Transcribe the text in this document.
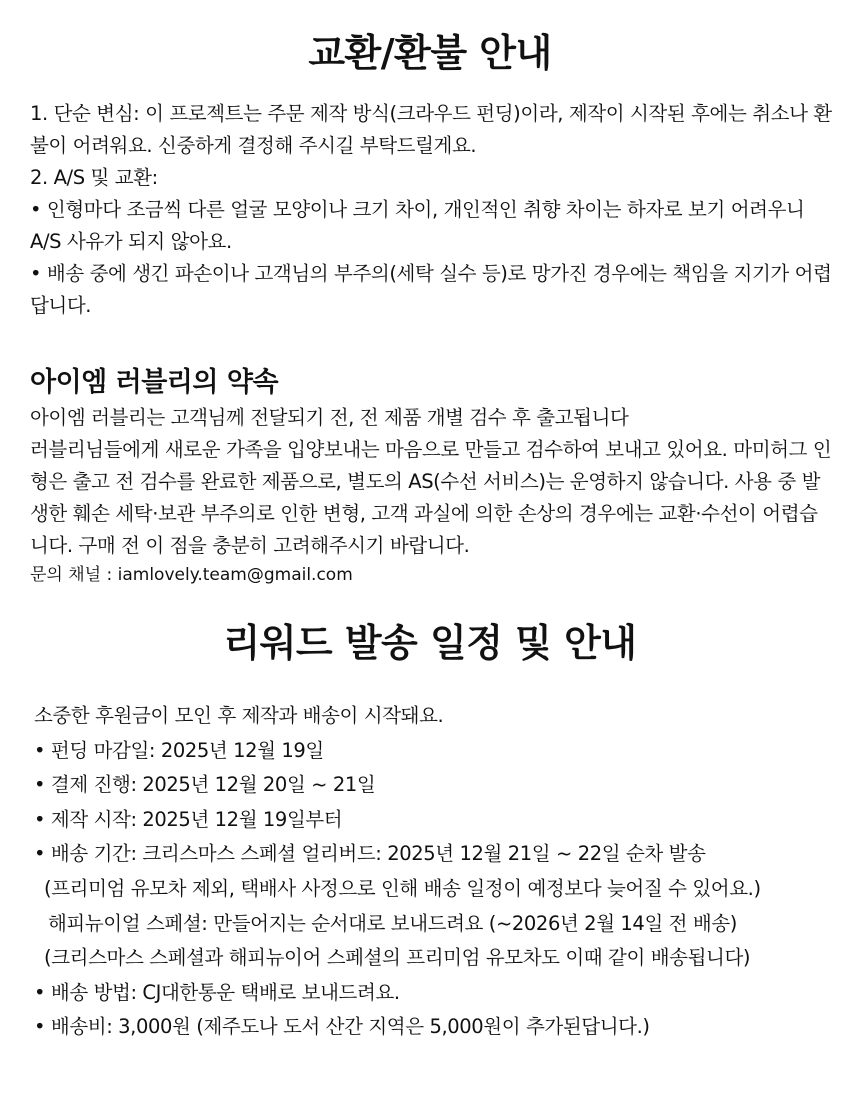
교환/환불 안내

1. 단순 변심: 이 프로젝트는 주문 제작 방식(크라우드 펀딩)이라, 제작이 시작된 후에는 취소나 환불이 어려워요. 신중하게 결정해 주시길 부탁드릴게요.

2. A/S 및 교환:

• 인형마다 조금씩 다른 얼굴 모양이나 크기 차이, 개인적인 취향 차이는 하자로 보기 어려우니 A/S 사유가 되지 않아요.

• 배송 중에 생긴 파손이나 고객님의 부주의(세탁 실수 등)로 망가진 경우에는 책임을 지기가 어렵답니다.

아이엠 러블리의 약속

아이엠 러블리는 고객님께 전달되기 전, 전 제품 개별 검수 후 출고됩니다

러블리님들에게 새로운 가족을 입양보내는 마음으로 만들고 검수하여 보내고 있어요. 마미허그 인형은 출고 전 검수를 완료한 제품으로, 별도의 AS(수선 서비스)는 운영하지 않습니다. 사용 중 발생한 훼손 세탁·보관 부주의로 인한 변형, 고객 과실에 의한 손상의 경우에는 교환·수선이 어렵습니다. 구매 전 이 점을 충분히 고려해주시기 바랍니다.

문의 채널 : iamlovely.team@gmail.com

리워드 발송 일정 및 안내

소중한 후원금이 모인 후 제작과 배송이 시작돼요.

• 펀딩 마감일: 2025년 12월 19일

• 결제 진행: 2025년 12월 20일 ~ 21일

• 제작 시작: 2025년 12월 19일부터

• 배송 기간: 크리스마스 스페셜 얼리버드: 2025년 12월 21일 ~ 22일 순차 발송

(프리미엄 유모차 제외, 택배사 사정으로 인해 배송 일정이 예정보다 늦어질 수 있어요.)

해피뉴이얼 스페셜: 만들어지는 순서대로 보내드려요 (~2026년 2월 14일 전 배송)

(크리스마스 스페셜과 해피뉴이어 스페셜의 프리미엄 유모차도 이때 같이 배송됩니다)

• 배송 방법: CJ대한통운 택배로 보내드려요.

• 배송비: 3,000원 (제주도나 도서 산간 지역은 5,000원이 추가된답니다.)
